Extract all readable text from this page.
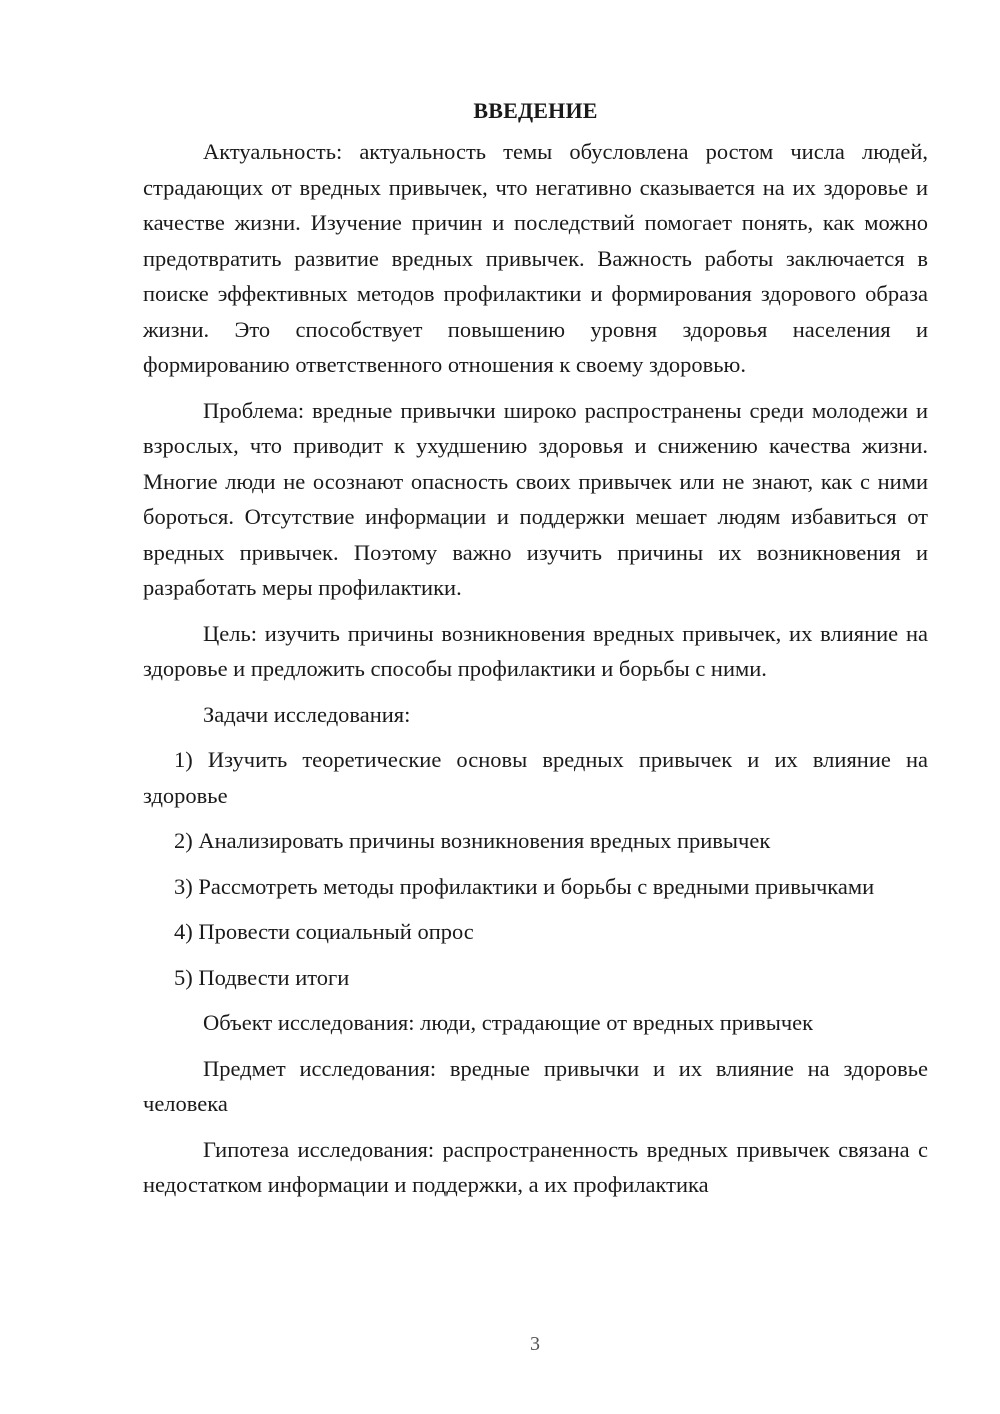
ВВЕДЕНИЕ

Актуальность: актуальность темы обусловлена ростом числа людей, страдающих от вредных привычек, что негативно сказывается на их здоровье и качестве жизни. Изучение причин и последствий помогает понять, как можно предотвратить развитие вредных привычек. Важность работы заключается в поиске эффективных методов профилактики и формирования здорового образа жизни. Это способствует повышению уровня здоровья населения и формированию ответственного отношения к своему здоровью.

Проблема: вредные привычки широко распространены среди молодежи и взрослых, что приводит к ухудшению здоровья и снижению качества жизни. Многие люди не осознают опасность своих привычек или не знают, как с ними бороться. Отсутствие информации и поддержки мешает людям избавиться от вредных привычек. Поэтому важно изучить причины их возникновения и разработать меры профилактики.

Цель: изучить причины возникновения вредных привычек, их влияние на здоровье и предложить способы профилактики и борьбы с ними.

Задачи исследования:

1) Изучить теоретические основы вредных привычек и их влияние на здоровье

2) Анализировать причины возникновения вредных привычек

3) Рассмотреть методы профилактики и борьбы с вредными привычками

4) Провести социальный опрос

5) Подвести итоги

Объект исследования: люди, страдающие от вредных привычек

Предмет исследования: вредные привычки и их влияние на здоровье человека

Гипотеза исследования: распространенность вредных привычек связана с недостатком информации и поддержки, а их профилактика

3
